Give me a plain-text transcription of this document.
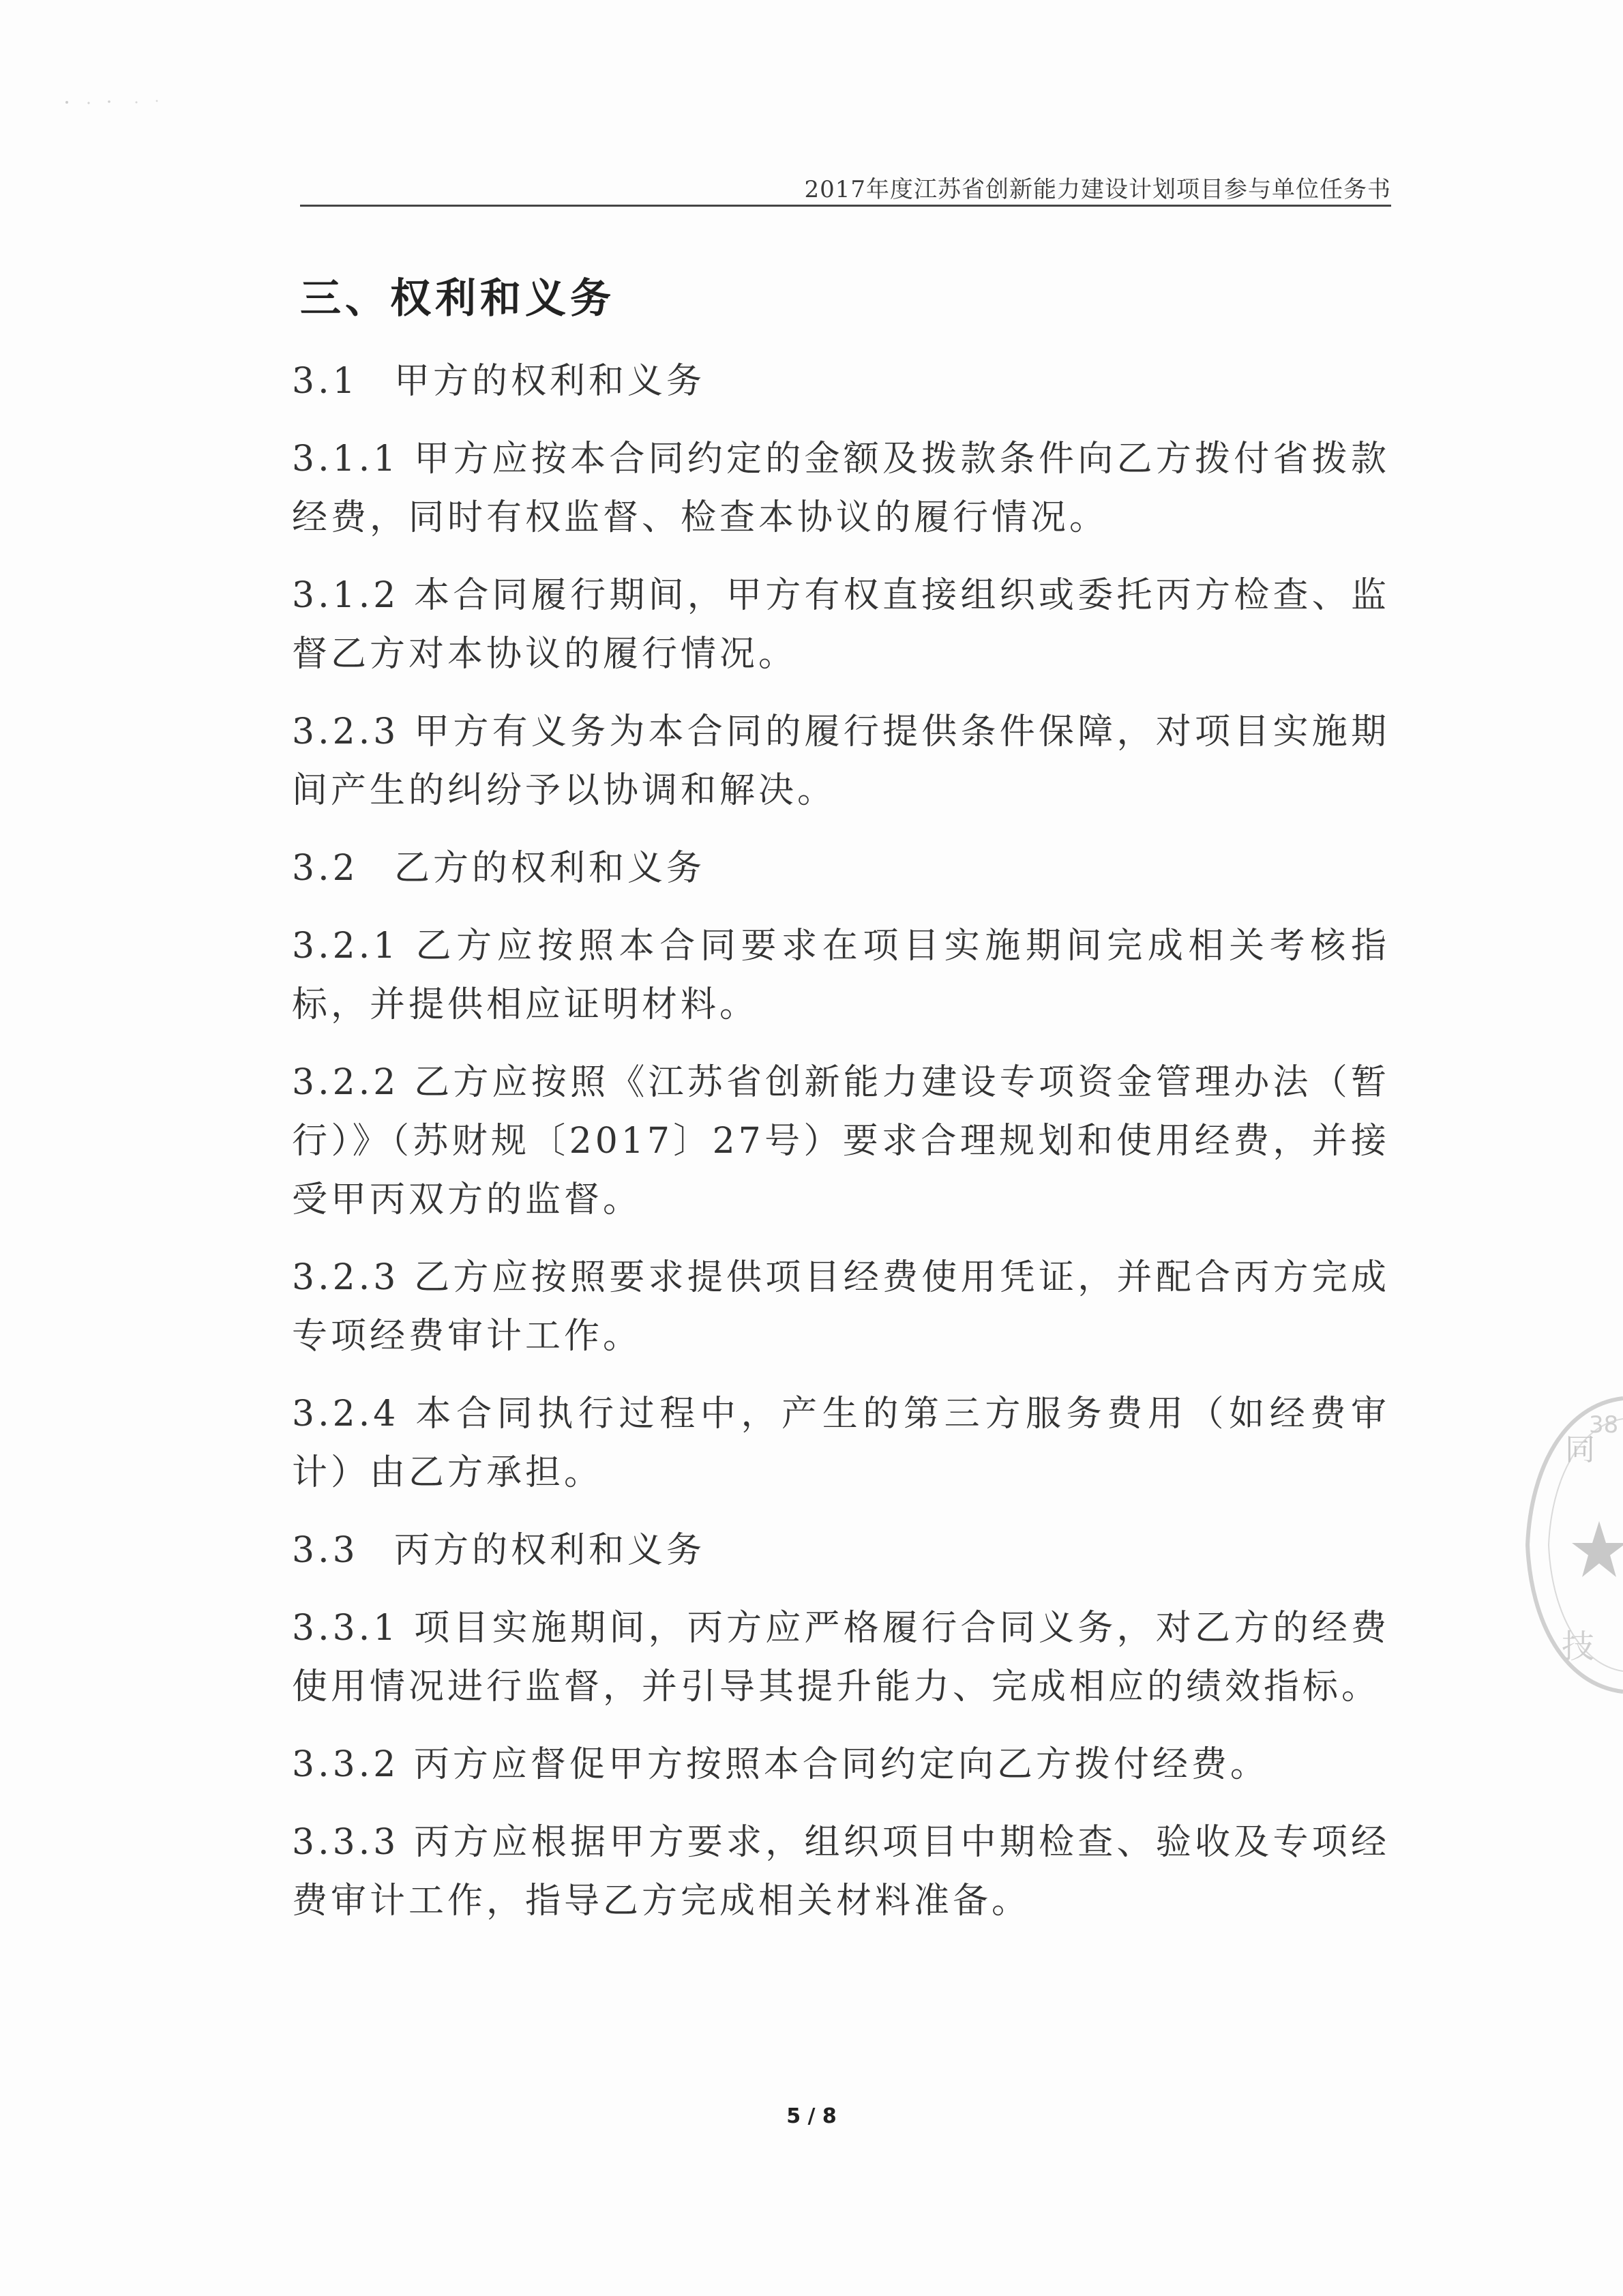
2017年度江苏省创新能力建设计划项目参与单位任务书
三、权利和义务
3.1 甲方的权利和义务
3.1.1 甲方应按本合同约定的金额及拨款条件向乙方拨付省拨款经费，同时有权监督、检查本协议的履行情况。
3.1.2 本合同履行期间，甲方有权直接组织或委托丙方检查、监督乙方对本协议的履行情况。
3.2.3 甲方有义务为本合同的履行提供条件保障，对项目实施期间产生的纠纷予以协调和解决。
3.2 乙方的权利和义务
3.2.1 乙方应按照本合同要求在项目实施期间完成相关考核指标，并提供相应证明材料。
3.2.2 乙方应按照《江苏省创新能力建设专项资金管理办法（暂行）》（苏财规〔2017〕27号）要求合理规划和使用经费，并接受甲丙双方的监督。
3.2.3 乙方应按照要求提供项目经费使用凭证，并配合丙方完成专项经费审计工作。
3.2.4 本合同执行过程中，产生的第三方服务费用（如经费审计）由乙方承担。
3.3 丙方的权利和义务
3.3.1 项目实施期间，丙方应严格履行合同义务，对乙方的经费使用情况进行监督，并引导其提升能力、完成相应的绩效指标。
3.3.2 丙方应督促甲方按照本合同约定向乙方拨付经费。
3.3.3 丙方应根据甲方要求，组织项目中期检查、验收及专项经费审计工作，指导乙方完成相关材料准备。
同
38
技
5 / 8
